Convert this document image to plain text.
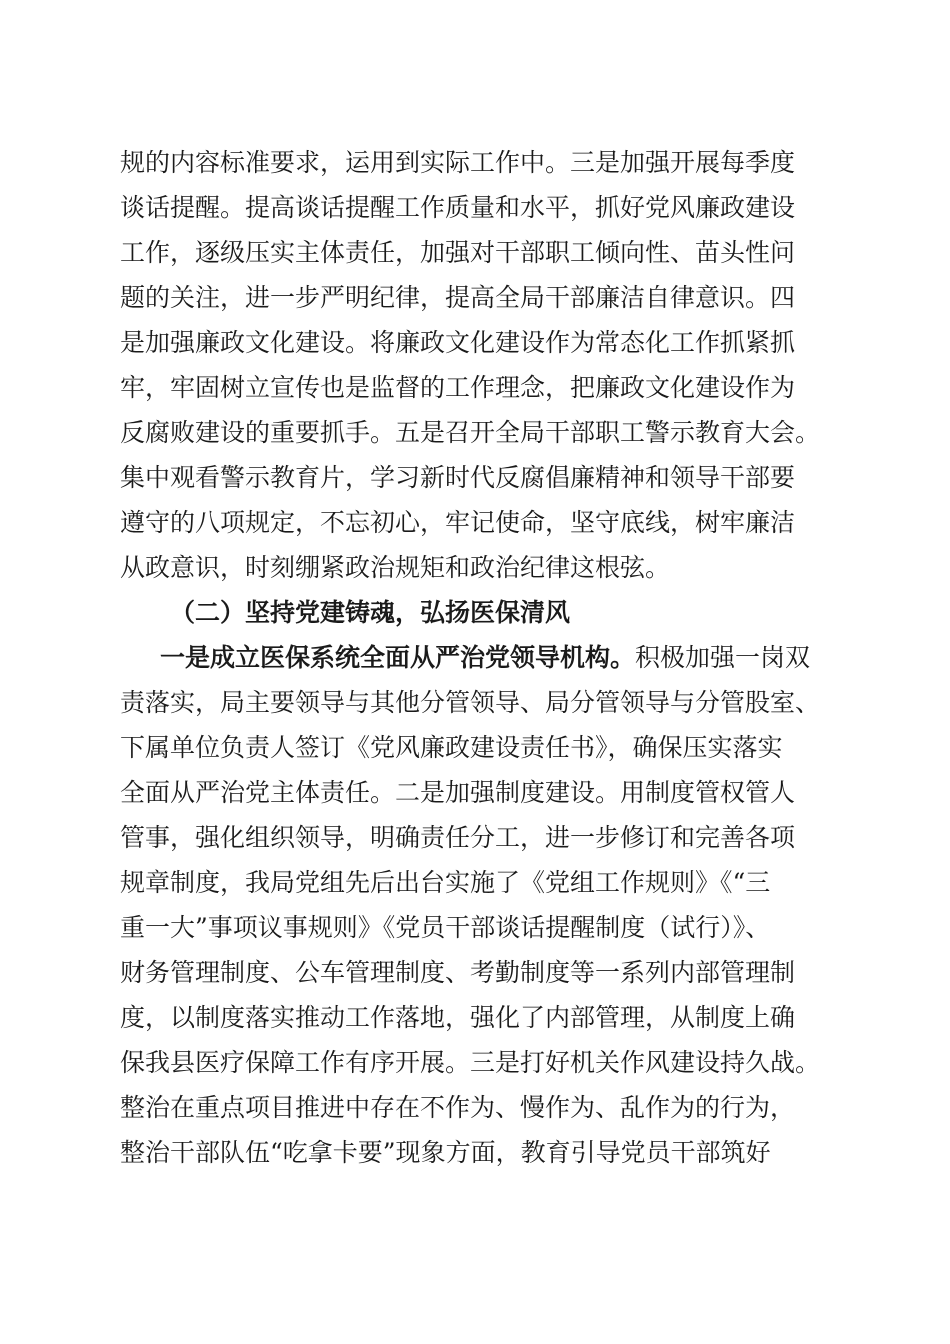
规的内容标准要求，运用到实际工作中。三是加强开展每季度
谈话提醒。提高谈话提醒工作质量和水平，抓好党风廉政建设
工作，逐级压实主体责任，加强对干部职工倾向性、苗头性问
题的关注，进一步严明纪律，提高全局干部廉洁自律意识。四
是加强廉政文化建设。将廉政文化建设作为常态化工作抓紧抓
牢，牢固树立宣传也是监督的工作理念，把廉政文化建设作为
反腐败建设的重要抓手。五是召开全局干部职工警示教育大会。
集中观看警示教育片，学习新时代反腐倡廉精神和领导干部要
遵守的八项规定，不忘初心，牢记使命，坚守底线，树牢廉洁
从政意识，时刻绷紧政治规矩和政治纪律这根弦。
（二）坚持党建铸魂，弘扬医保清风
一是成立医保系统全面从严治党领导机构。积极加强一岗双
责落实，局主要领导与其他分管领导、局分管领导与分管股室、
下属单位负责人签订《党风廉政建设责任书》，确保压实落实
全面从严治党主体责任。二是加强制度建设。用制度管权管人
管事，强化组织领导，明确责任分工，进一步修订和完善各项
规章制度，我局党组先后出台实施了《党组工作规则》《“三
重一大”事项议事规则》《党员干部谈话提醒制度（试行）》、
财务管理制度、公车管理制度、考勤制度等一系列内部管理制
度，以制度落实推动工作落地，强化了内部管理，从制度上确
保我县医疗保障工作有序开展。三是打好机关作风建设持久战。
整治在重点项目推进中存在不作为、慢作为、乱作为的行为，
整治干部队伍“吃拿卡要”现象方面，教育引导党员干部筑好
